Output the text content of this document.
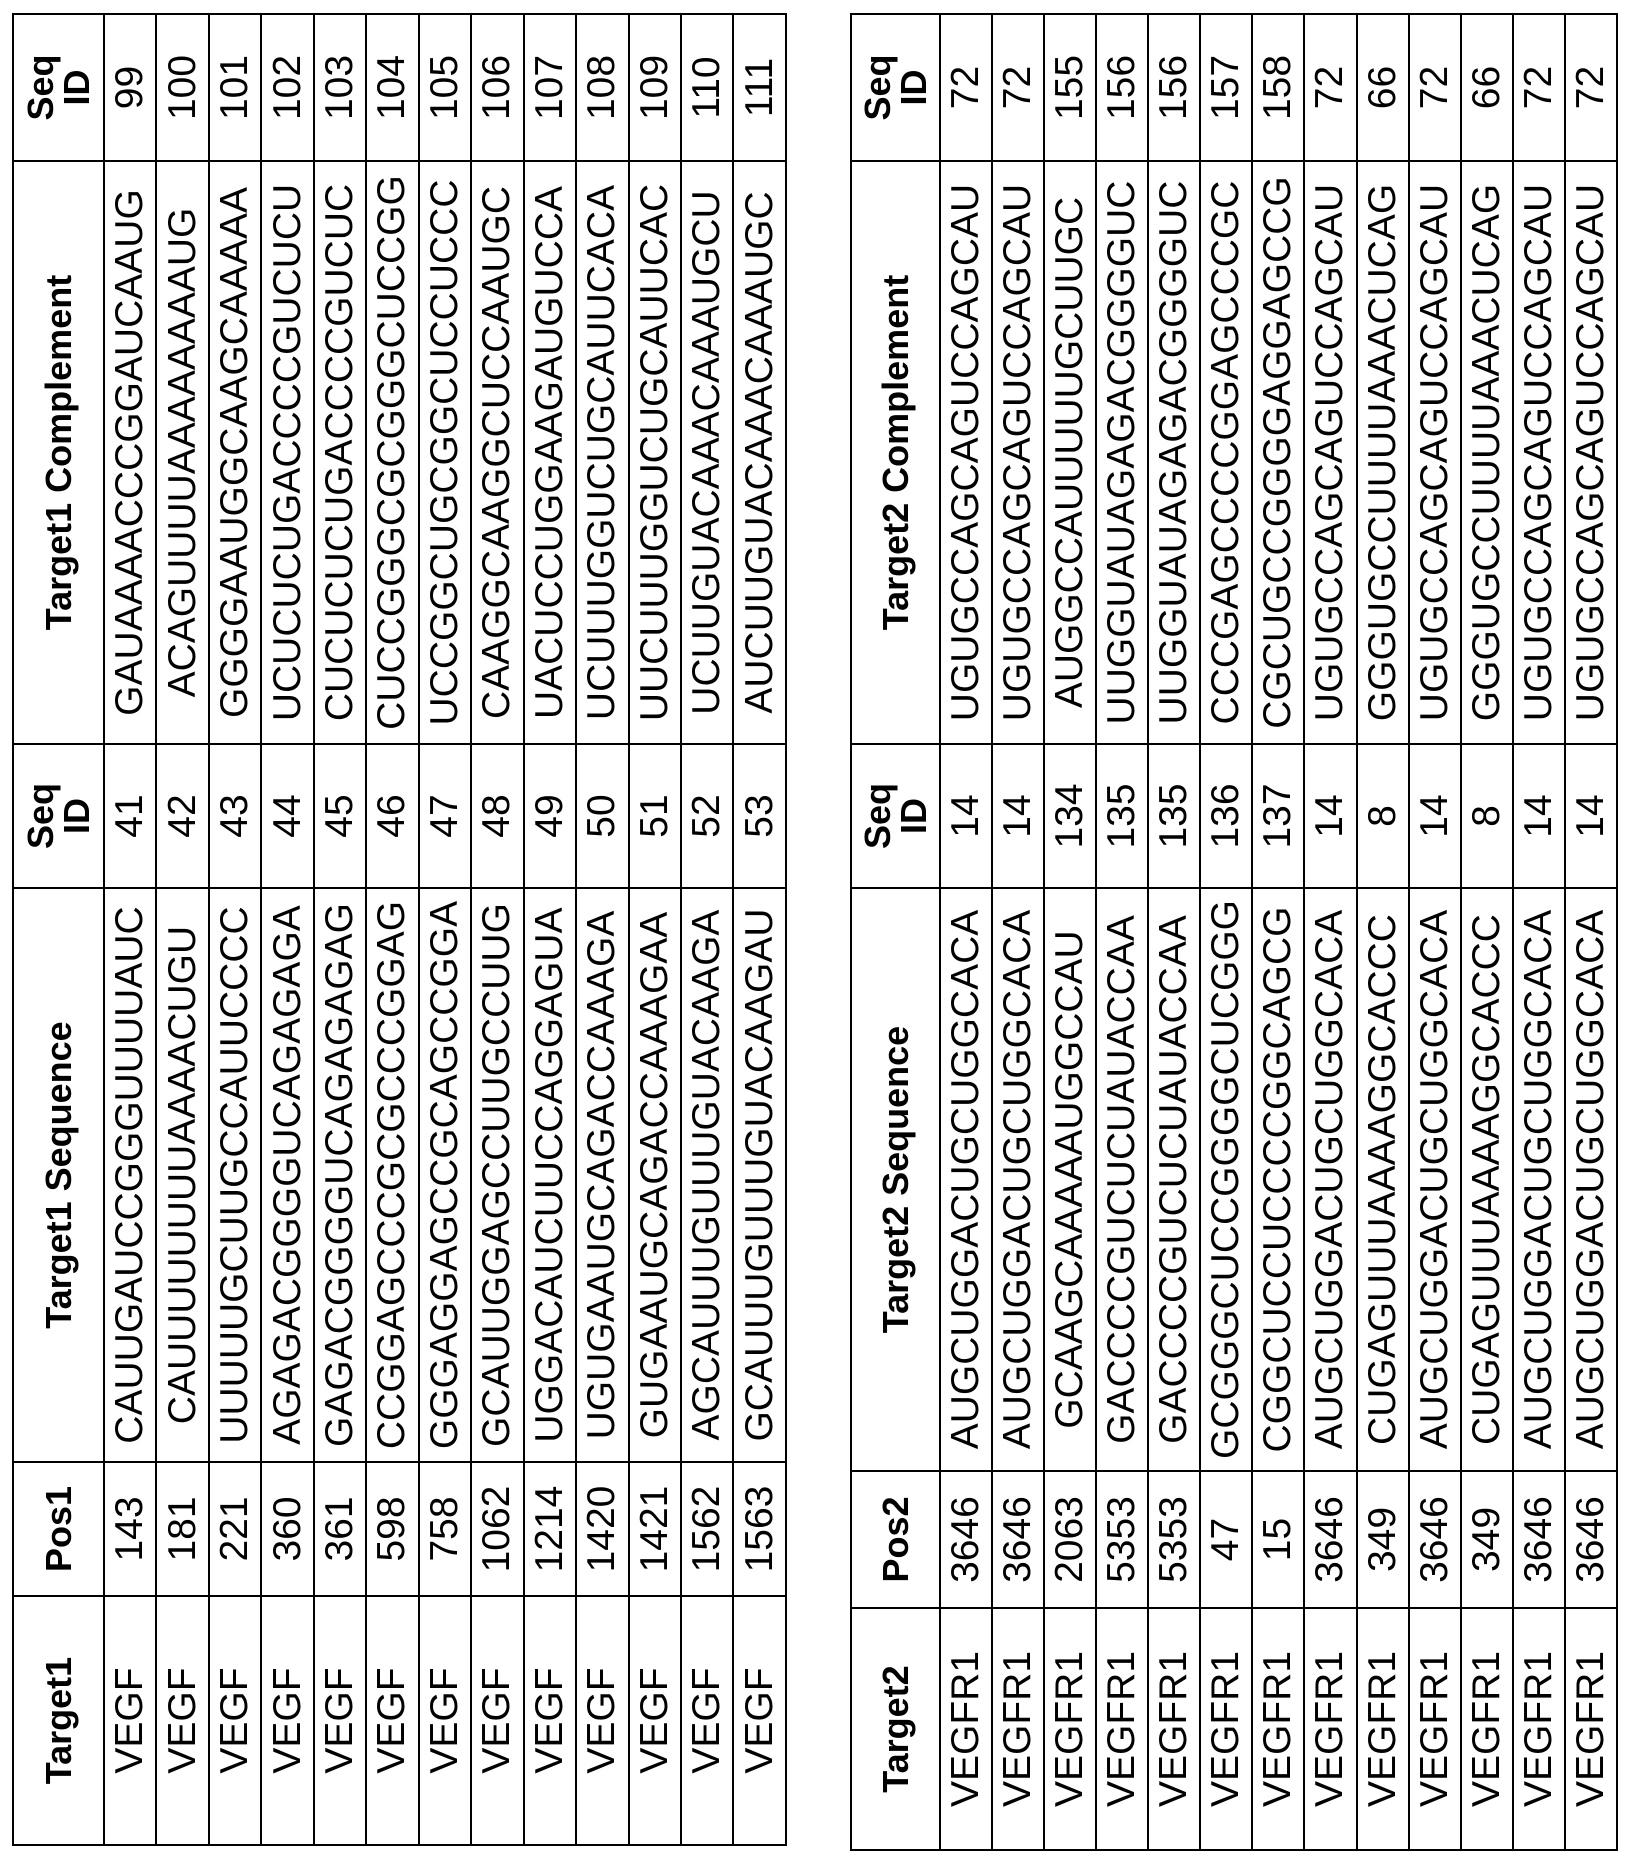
Target1	Pos1	Target1 Sequence	Seq ID	Target1 Complement	Seq ID
VEGF	143	CAUUGAUCCGGGUUUUAUC	41	GAUAAAACCCGGAUCAAUG	99
VEGF	181	CAUUUUUUUUAAAACUGU	42	ACAGUUUUAAAAAAAAUG	100
VEGF	221	UUUUUGCUUGCCAUUCCCC	43	GGGGAAUGGCAAGCAAAAA	101
VEGF	360	AGAGACGGGGUCAGAGAGA	44	UCUCUCUGACCCCGUCUCU	102
VEGF	361	GAGACGGGGUCAGAGAGAG	45	CUCUCUCUGACCCCGUCUC	103
VEGF	598	CCGGAGCCCGCGCCCGGAG	46	CUCCGGGCGCGGGCUCCGG	104
VEGF	758	GGGAGGAGCCGCAGCCGGA	47	UCCGGCUGCGGCUCCUCCC	105
VEGF	1062	GCAUUGGAGCCUUGCCUUG	48	CAAGGCAAGGCUCCAAUGC	106
VEGF	1214	UGGACAUCUUCCAGGAGUA	49	UACUCCUGGAAGAUGUCCA	107
VEGF	1420	UGUGAAUGCAGACCAAAGA	50	UCUUUGGUCUGCAUUCACA	108
VEGF	1421	GUGAAUGCAGACCAAAGAA	51	UUCUUUGGUCUGCAUUCAC	109
VEGF	1562	AGCAUUUGUUUGUACAAGA	52	UCUUGUACAAACAAAUGCU	110
VEGF	1563	GCAUUUGUUUGUACAAGAU	53	AUCUUGUACAAACAAAUGC	111
Target2	Pos2	Target2 Sequence	Seq ID	Target2 Complement	Seq ID
VEGFR1	3646	AUGCUGGACUGCUGGCACA	14	UGUGCCAGCAGUCCAGCAU	72
VEGFR1	3646	AUGCUGGACUGCUGGCACA	14	UGUGCCAGCAGUCCAGCAU	72
VEGFR1	2063	GCAAGCAAAAAUGGCCAU	134	AUGGCCAUUUUUGCUUGC	155
VEGFR1	5353	GACCCCGUCUCUAUACCAA	135	UUGGUAUAGAGACGGGGUC	156
VEGFR1	5353	GACCCCGUCUCUAUACCAA	135	UUGGUAUAGAGACGGGGUC	156
VEGFR1	47	GCGGGCUCCGGGGCUCGGG	136	CCCGAGCCCCGGAGCCCGC	157
VEGFR1	15	CGGCUCCUCCCCGGCAGCG	137	CGCUGCCGGGGAGGAGCCG	158
VEGFR1	3646	AUGCUGGACUGCUGGCACA	14	UGUGCCAGCAGUCCAGCAU	72
VEGFR1	349	CUGAGUUUAAAAGGCACCC	8	GGGUGCCUUUUAAACUCAG	66
VEGFR1	3646	AUGCUGGACUGCUGGCACA	14	UGUGCCAGCAGUCCAGCAU	72
VEGFR1	349	CUGAGUUUAAAAGGCACCC	8	GGGUGCCUUUUAAACUCAG	66
VEGFR1	3646	AUGCUGGACUGCUGGCACA	14	UGUGCCAGCAGUCCAGCAU	72
VEGFR1	3646	AUGCUGGACUGCUGGCACA	14	UGUGCCAGCAGUCCAGCAU	72
